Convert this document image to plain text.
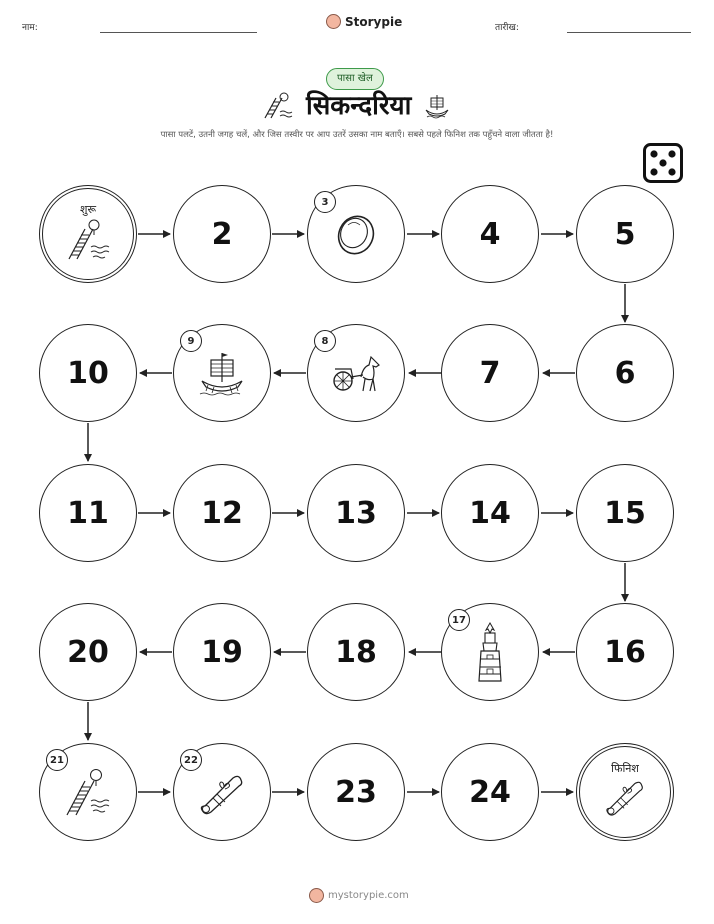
नाम:	Storypie	तारीख:
पासा खेल
सिकन्दरिया
पासा पलटें, उतनी जगह चलें, और जिस तस्वीर पर आप उतरें उसका नाम बताएँ। सबसे पहले फिनिश तक पहुँचने वाला जीतता है!
शुरू
2
3
4	5
10
9	8
7	6
11	12	13	14	15
20	19	18
17
16
21	22
23	24
फिनिश
mystorypie.com
